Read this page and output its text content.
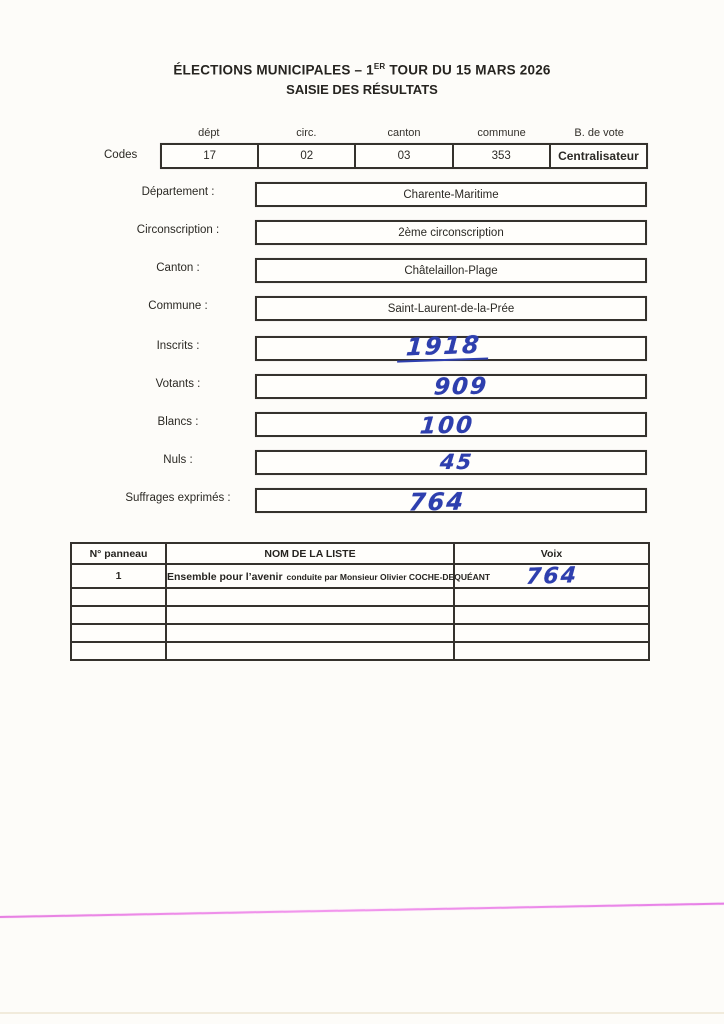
ÉLECTIONS MUNICIPALES – 1ER TOUR DU 15 MARS 2026
SAISIE DES RÉSULTATS
dépt	circ.	canton	commune	B. de vote
Codes	17	02	03	353	Centralisateur
Département :	Charente-Maritime
Circonscription :	2ème circonscription
Canton :	Châtelaillon-Plage
Commune :	Saint-Laurent-de-la-Prée
Inscrits :	1918
Votants :	909
Blancs :	100
Nuls :	45
Suffrages exprimés :	764
N° panneau	NOM DE LA LISTE	Voix
1	Ensemble pour l’avenir conduite par Monsieur Olivier COCHE-DEQUÉANT	764
